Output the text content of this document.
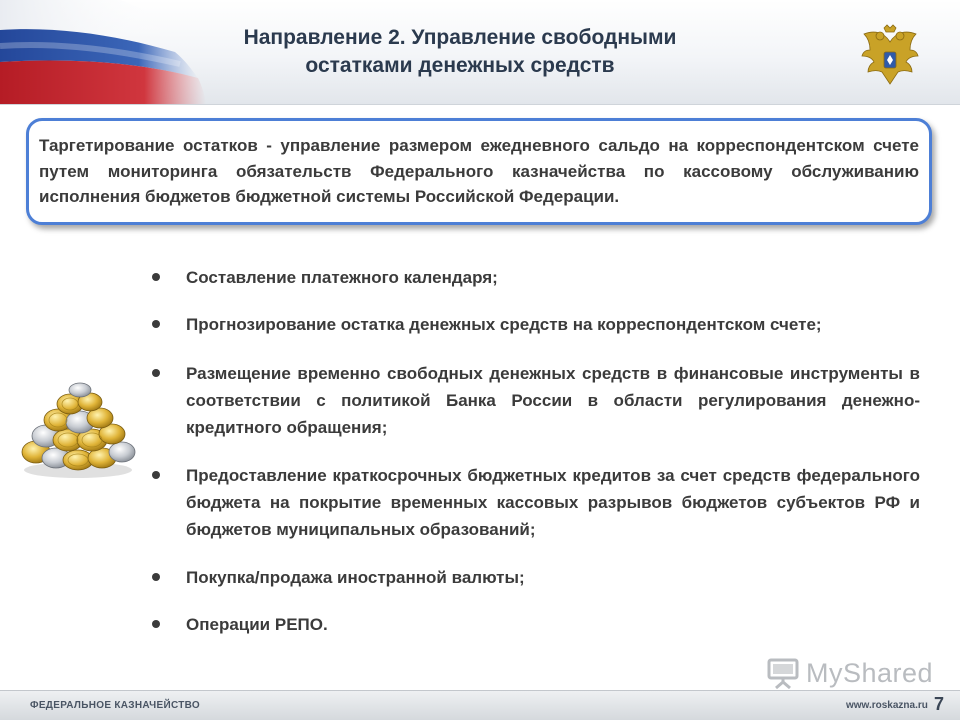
Направление 2. Управление свободными
остатками денежных средств
Таргетирование остатков - управление размером ежедневного сальдо на корреспондентском счете путем мониторинга обязательств Федерального казначейства по кассовому обслуживанию исполнения бюджетов бюджетной системы Российской Федерации.
Составление платежного календаря;
Прогнозирование остатка денежных средств на корреспондентском счете;
Размещение временно свободных денежных средств в финансовые инструменты в соответствии с политикой Банка России в области регулирования денежно-кредитного обращения;
Предоставление краткосрочных бюджетных кредитов за счет средств федерального бюджета на покрытие временных кассовых разрывов бюджетов субъектов РФ и бюджетов муниципальных образований;
Покупка/продажа иностранной валюты;
Операции РЕПО.
MyShared
ФЕДЕРАЛЬНОЕ КАЗНАЧЕЙСТВО	www.roskazna.ru 7
